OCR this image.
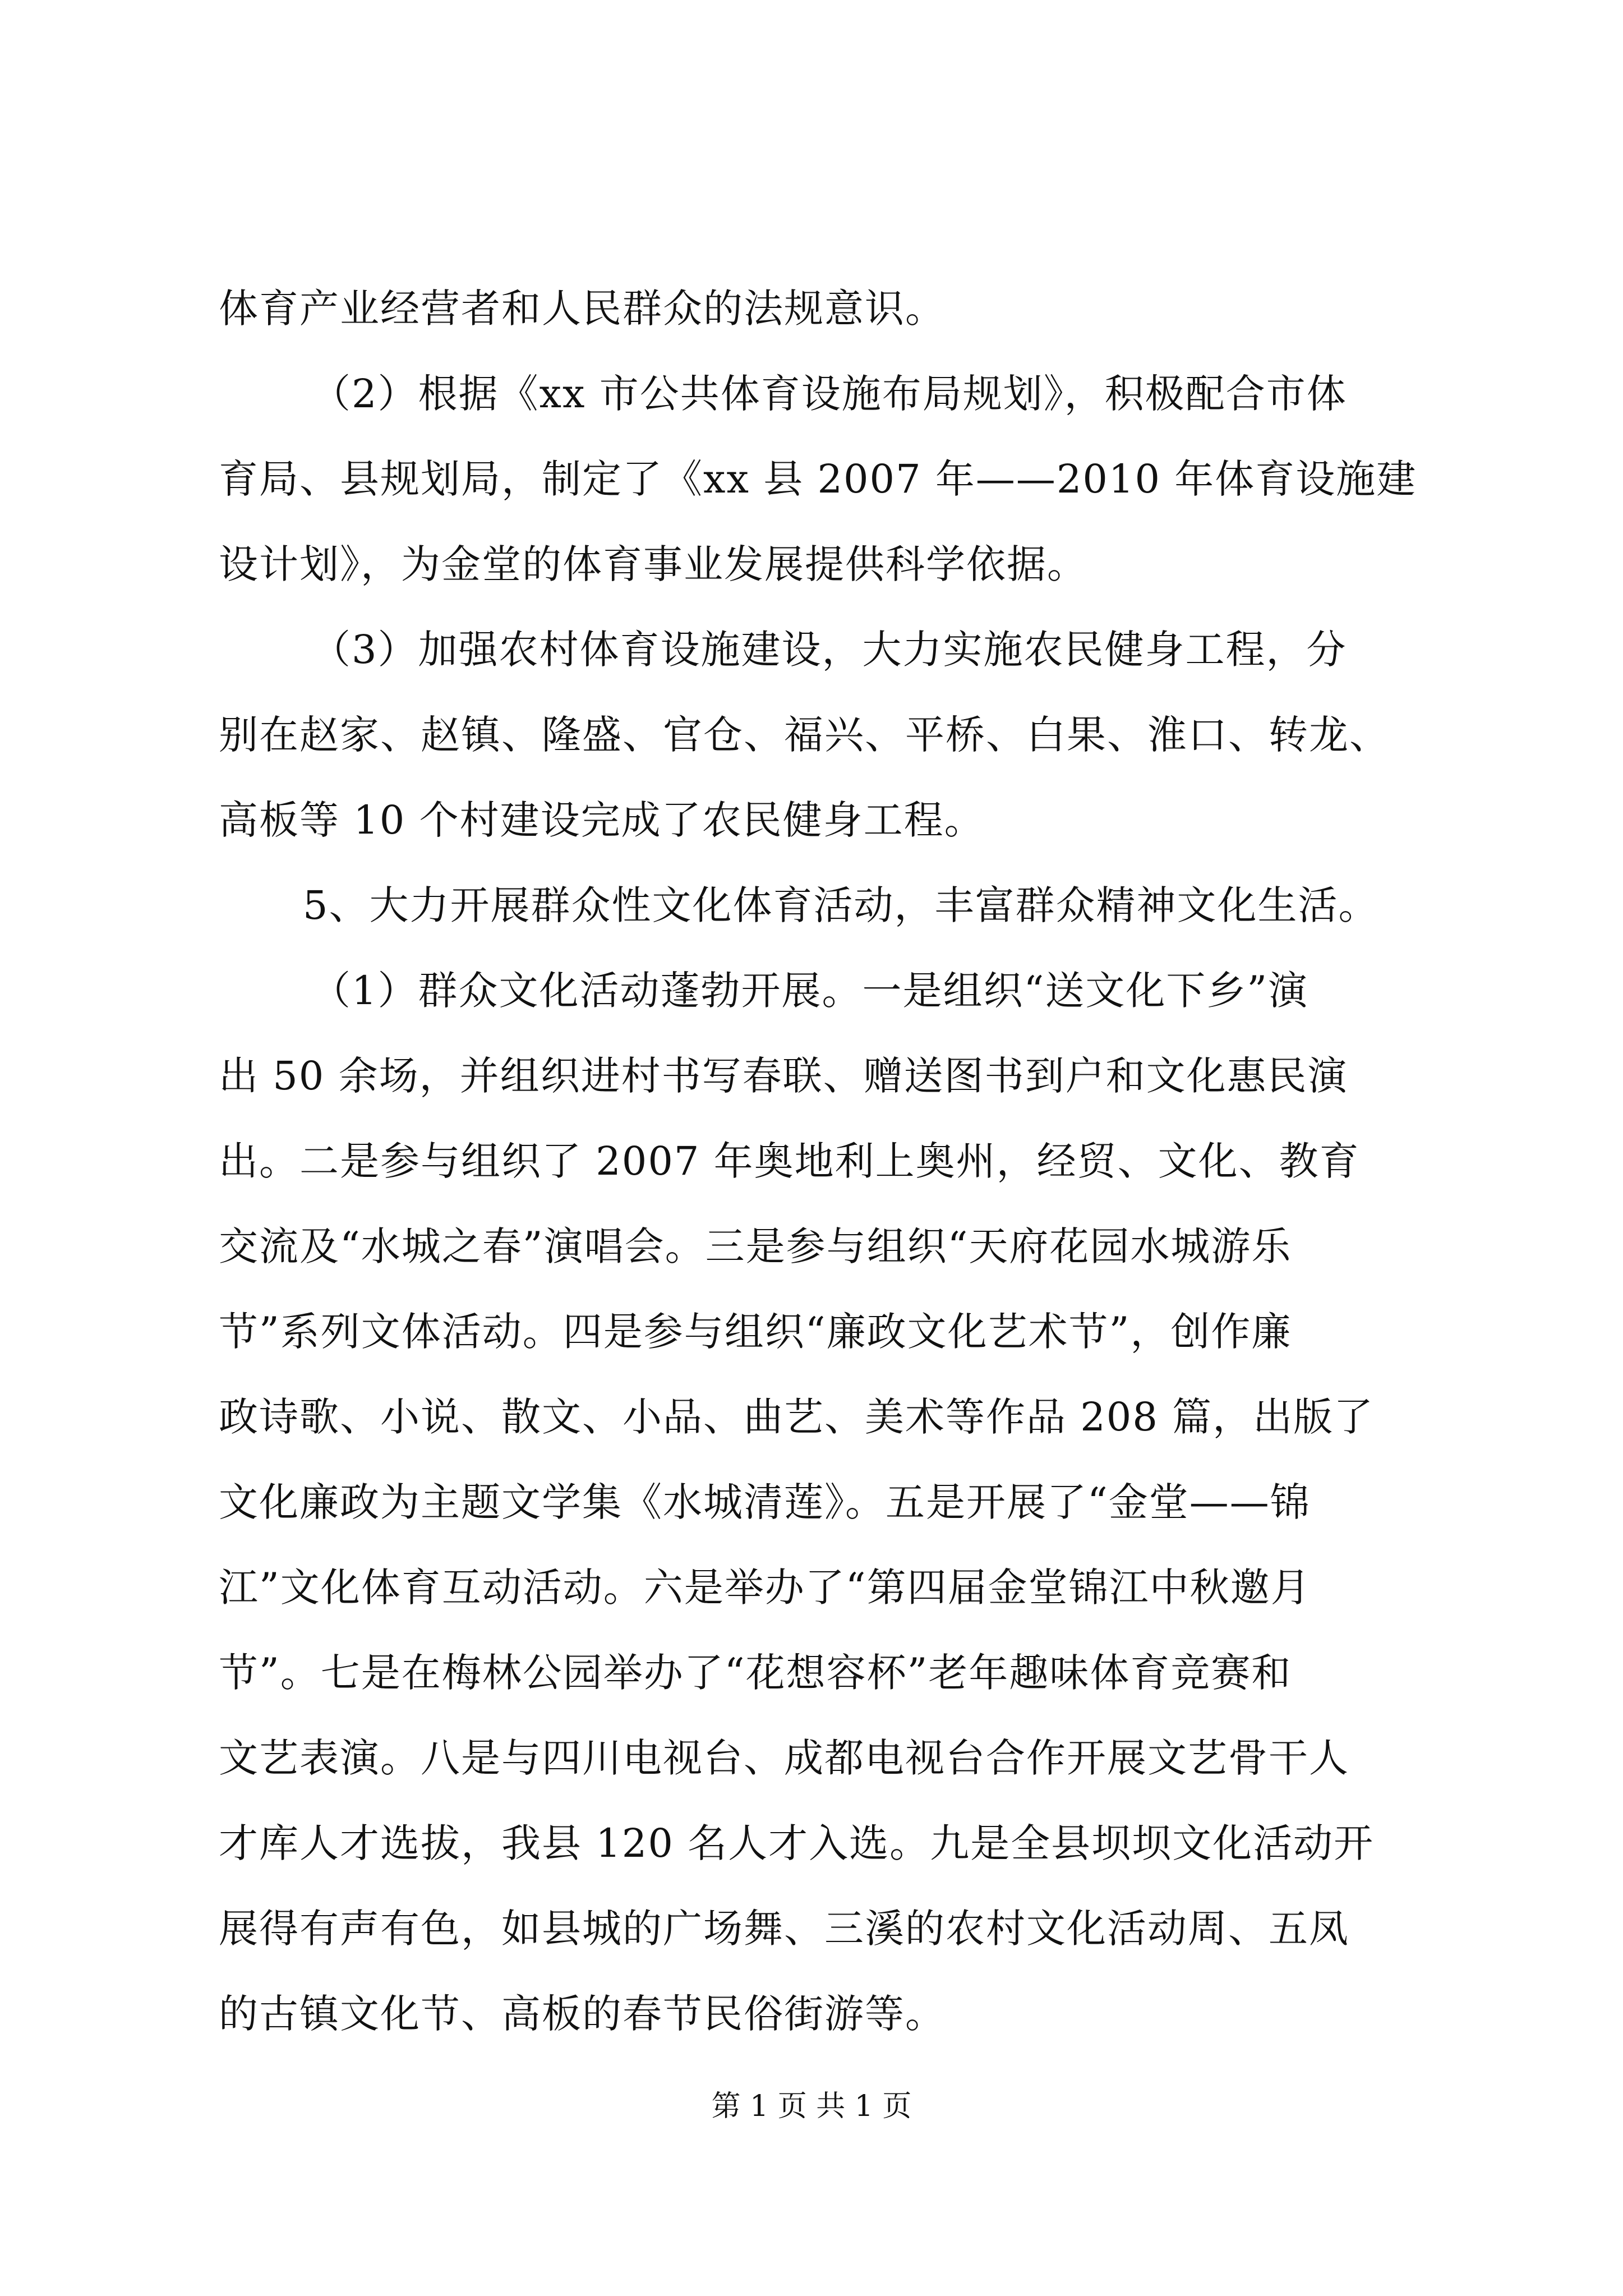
体育产业经营者和人民群众的法规意识。
（2）根据《xx 市公共体育设施布局规划》，积极配合市体
育局、县规划局，制定了《xx 县 2007 年——2010 年体育设施建
设计划》，为金堂的体育事业发展提供科学依据。
（3）加强农村体育设施建设，大力实施农民健身工程，分
别在赵家、赵镇、隆盛、官仓、福兴、平桥、白果、淮口、转龙、
高板等 10 个村建设完成了农民健身工程。
5、大力开展群众性文化体育活动，丰富群众精神文化生活。
（1）群众文化活动蓬勃开展。一是组织“送文化下乡”演
出 50 余场，并组织进村书写春联、赠送图书到户和文化惠民演
出。二是参与组织了 2007 年奥地利上奥州，经贸、文化、教育
交流及“水城之春”演唱会。三是参与组织“天府花园水城游乐
节”系列文体活动。四是参与组织“廉政文化艺术节”，创作廉
政诗歌、小说、散文、小品、曲艺、美术等作品 208 篇，出版了
文化廉政为主题文学集《水城清莲》。五是开展了“金堂——锦
江”文化体育互动活动。六是举办了“第四届金堂锦江中秋邀月
节”。七是在梅林公园举办了“花想容杯”老年趣味体育竞赛和
文艺表演。八是与四川电视台、成都电视台合作开展文艺骨干人
才库人才选拔，我县 120 名人才入选。九是全县坝坝文化活动开
展得有声有色，如县城的广场舞、三溪的农村文化活动周、五凤
的古镇文化节、高板的春节民俗街游等。
第 1 页 共 1 页
